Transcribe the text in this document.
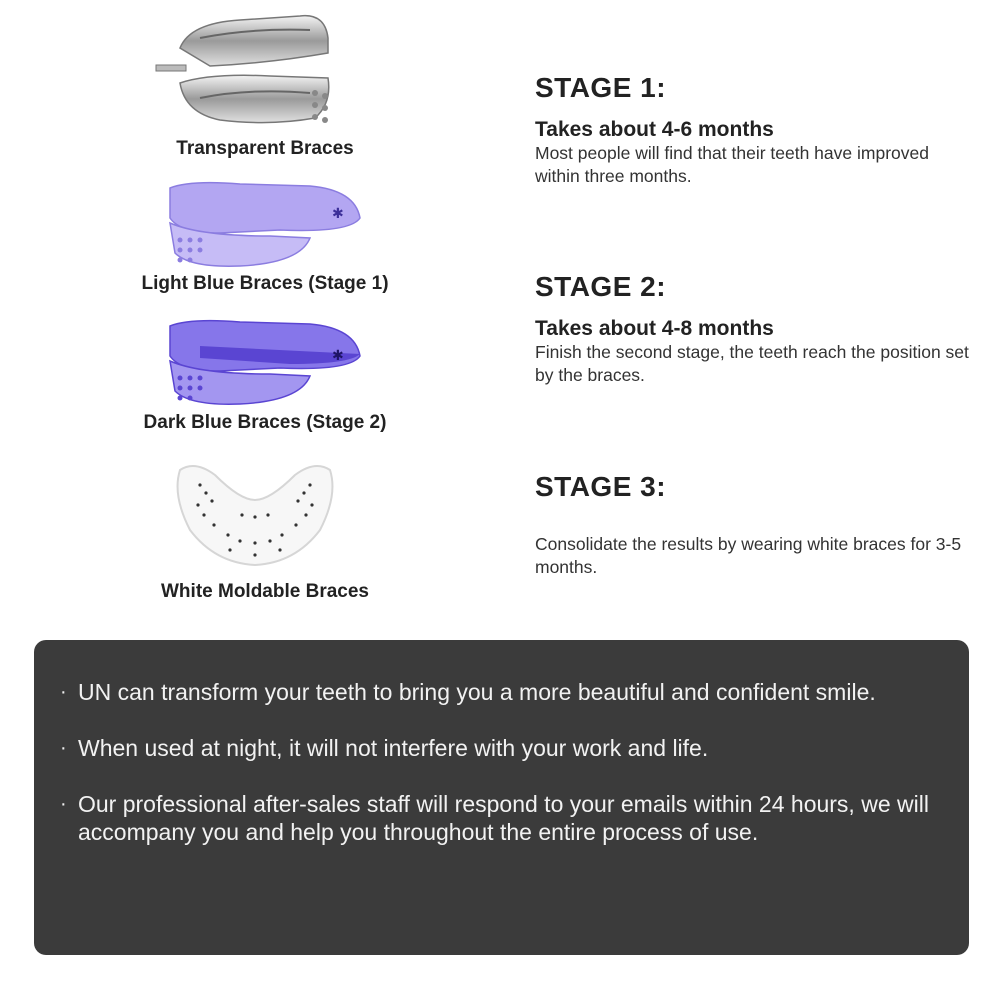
Transparent Braces
✱
Light Blue Braces (Stage 1)
✱
Dark Blue Braces (Stage 2)
White Moldable Braces
STAGE 1:
Takes about 4-6 months
Most people will find that their teeth have improved within three months.
STAGE 2:
Takes about 4-8 months
Finish the second stage, the teeth reach the position set by the braces.
STAGE 3:
Consolidate the results by wearing white braces for 3-5 months.
· UN can transform your teeth to bring you a more beautiful and confident smile.
· When used at night, it will not interfere with your work and life.
· Our professional after-sales staff will respond to your emails within 24 hours, we will accompany you and help you throughout the entire process of use.
